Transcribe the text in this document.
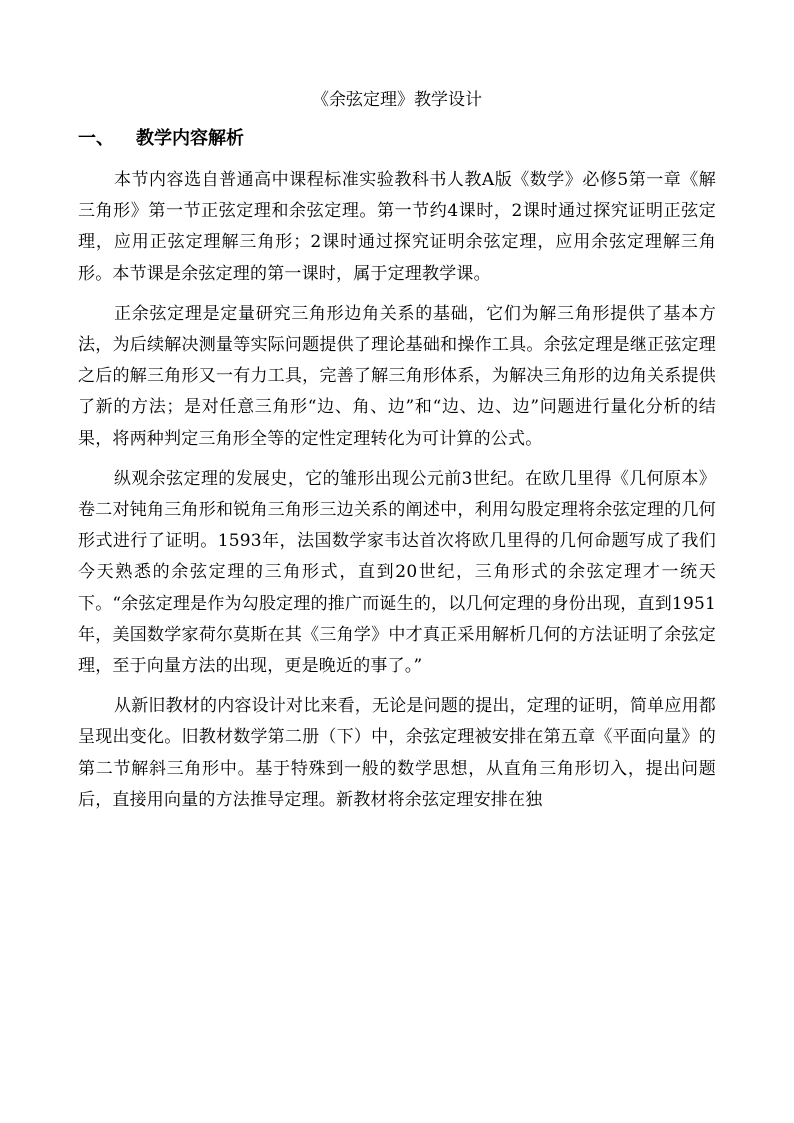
《余弦定理》教学设计
一、 教学内容解析

本节内容选自普通高中课程标准实验教科书人教A版《数学》必修5第一章《解三角形》第一节正弦定理和余弦定理。第一节约4课时，2课时通过探究证明正弦定理，应用正弦定理解三角形；2课时通过探究证明余弦定理，应用余弦定理解三角形。本节课是余弦定理的第一课时，属于定理教学课。

正余弦定理是定量研究三角形边角关系的基础，它们为解三角形提供了基本方法，为后续解决测量等实际问题提供了理论基础和操作工具。余弦定理是继正弦定理之后的解三角形又一有力工具，完善了解三角形体系，为解决三角形的边角关系提供了新的方法；是对任意三角形“边、角、边”和“边、边、边”问题进行量化分析的结果，将两种判定三角形全等的定性定理转化为可计算的公式。

纵观余弦定理的发展史，它的雏形出现公元前3世纪。在欧几里得《几何原本》卷二对钝角三角形和锐角三角形三边关系的阐述中，利用勾股定理将余弦定理的几何形式进行了证明。1593年，法国数学家韦达首次将欧几里得的几何命题写成了我们今天熟悉的余弦定理的三角形式，直到20世纪，三角形式的余弦定理才一统天下。“余弦定理是作为勾股定理的推广而诞生的，以几何定理的身份出现，直到1951年，美国数学家荷尔莫斯在其《三角学》中才真正采用解析几何的方法证明了余弦定理，至于向量方法的出现，更是晚近的事了。”

从新旧教材的内容设计对比来看，无论是问题的提出，定理的证明，简单应用都呈现出变化。旧教材数学第二册（下）中，余弦定理被安排在第五章《平面向量》的第二节解斜三角形中。基于特殊到一般的数学思想，从直角三角形切入，提出问题后，直接用向量的方法推导定理。新教材将余弦定理安排在独
